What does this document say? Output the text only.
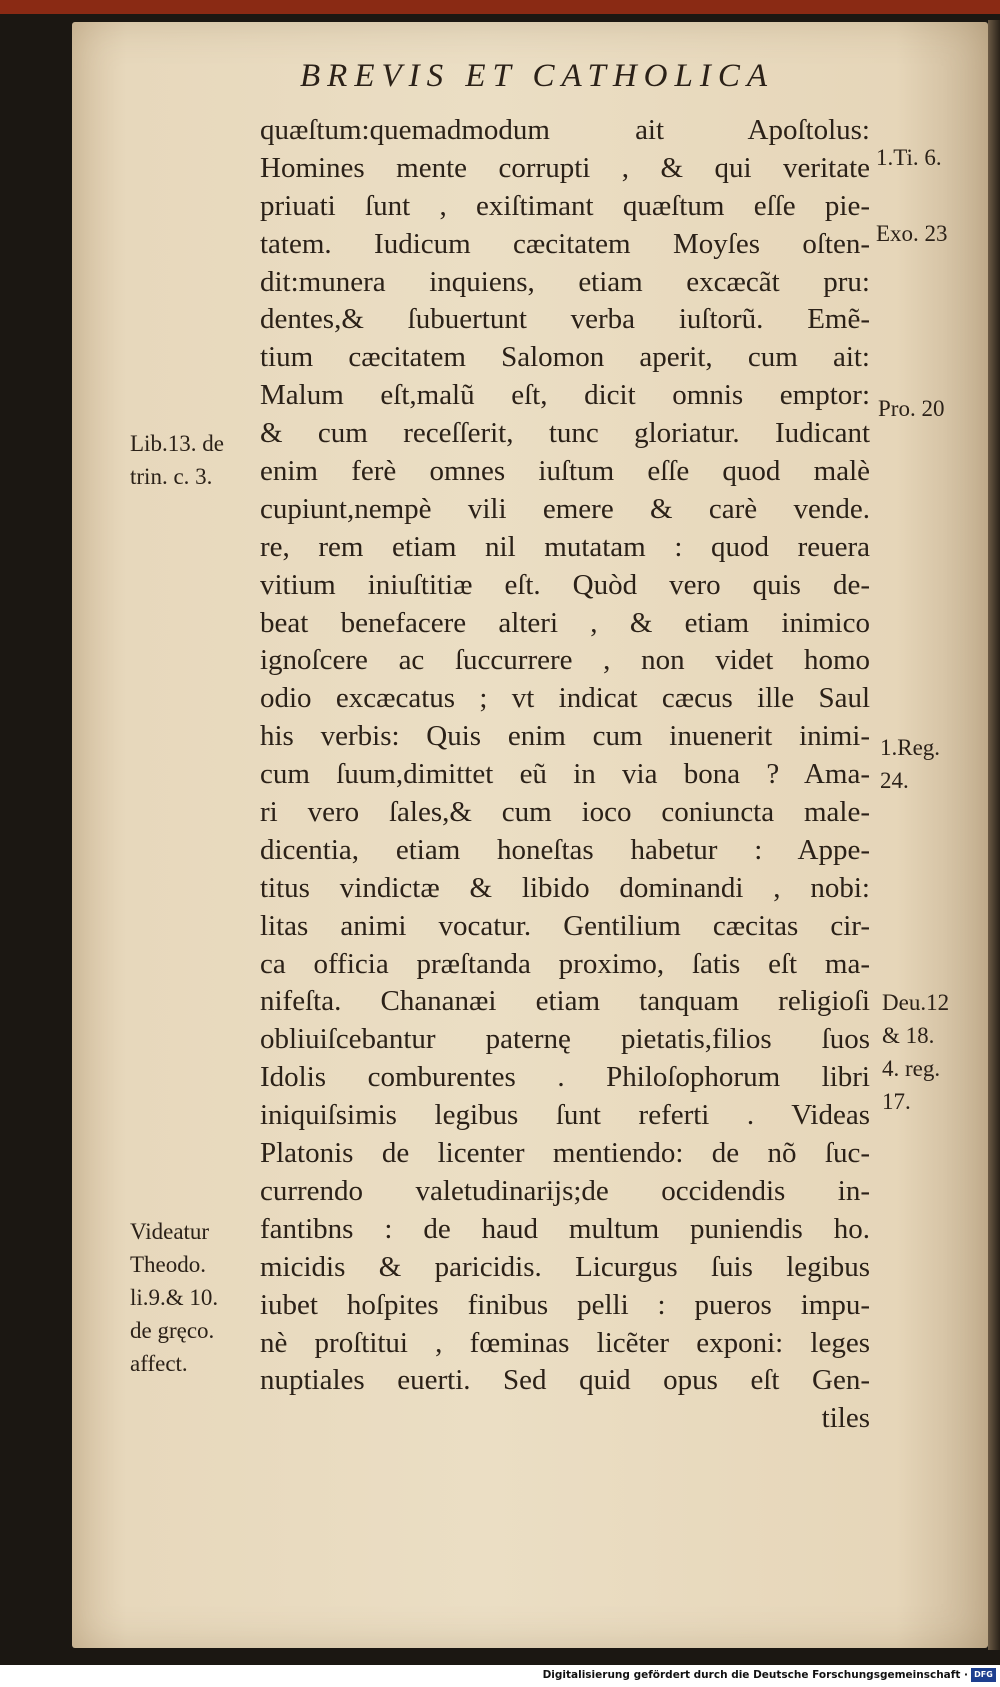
BREVIS ET CATHOLICA
quæſtum:quemadmodum ait Apoſtolus:
Homines mente corrupti , & qui veritate
priuati ſunt , exiſtimant quæſtum eſſe pie-
tatem. Iudicum cæcitatem Moyſes oſten-
dit:munera inquiens, etiam excæcãt pru:
dentes,& ſubuertunt verba iuſtorũ. Emẽ-
tium cæcitatem Salomon aperit, cum ait:
Malum eſt,malũ eſt, dicit omnis emptor:
& cum receſſerit, tunc gloriatur. Iudicant
enim ferè omnes iuſtum eſſe quod malè
cupiunt,nempè vili emere & carè vende.
re, rem etiam nil mutatam : quod reuera
vitium iniuſtitiæ eſt. Quòd vero quis de-
beat benefacere alteri , & etiam inimico
ignoſcere ac ſuccurrere , non videt homo
odio excæcatus ; vt indicat cæcus ille Saul
his verbis: Quis enim cum inuenerit inimi-
cum ſuum,dimittet eũ in via bona ? Ama-
ri vero ſales,& cum ioco coniuncta male-
dicentia, etiam honeſtas habetur : Appe-
titus vindictæ & libido dominandi , nobi:
litas animi vocatur. Gentilium cæcitas cir-
ca officia præſtanda proximo, ſatis eſt ma-
nifeſta. Chananæi etiam tanquam religioſi
obliuiſcebantur paternę pietatis,filios ſuos
Idolis comburentes . Philoſophorum libri
iniquiſsimis legibus ſunt referti . Videas
Platonis de licenter mentiendo: de nõ ſuc-
currendo valetudinarijs;de occidendis in-
fantibns : de haud multum puniendis ho.
micidis & paricidis. Licurgus ſuis legibus
iubet hoſpites finibus pelli : pueros impu-
nè proſtitui , fœminas licẽter exponi: leges
nuptiales euerti. Sed quid opus eſt Gen-
tiles
1.Ti. 6.
Exo. 23
Pro. 20
1.Reg.
24.
Deu.12
& 18.
4. reg.
17.
Lib.13. de
trin. c. 3.
Videatur
Theodo.
li.9.& 10.
de gręco.
affect.
Digitalisierung gefördert durch die Deutsche Forschungsgemeinschaft · DFG
